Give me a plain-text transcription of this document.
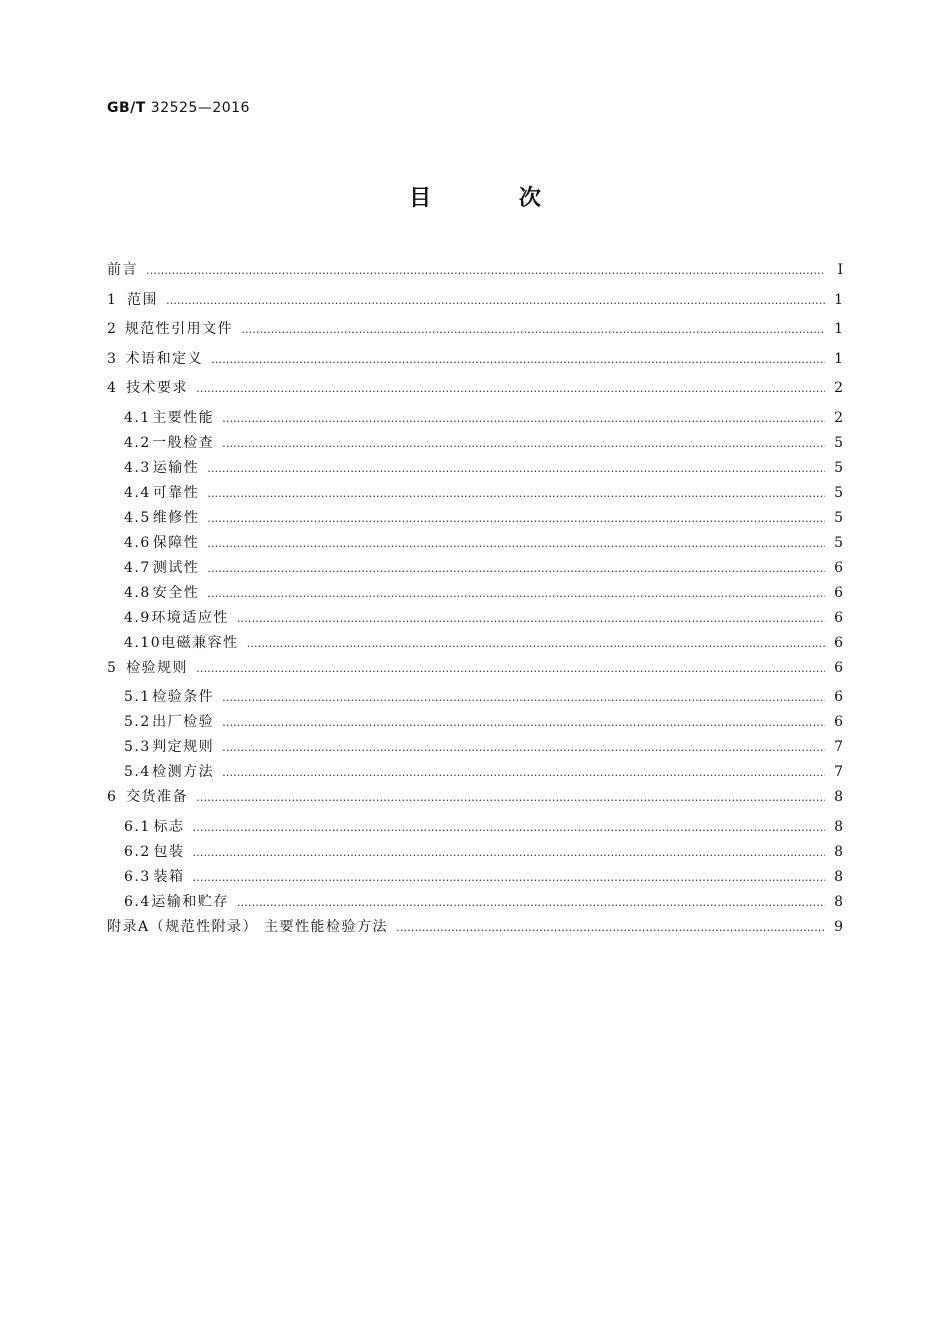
GB/T 32525—2016
目 次
前言 ………………………………………………………………………………………………………………………………………………………………………………………………………………	Ⅰ
1 范围 ………………………………………………………………………………………………………………………………………………………………………………………………………………	1
2 规范性引用文件 ………………………………………………………………………………………………………………………………………………………………………………………………………………	1
3 术语和定义 ………………………………………………………………………………………………………………………………………………………………………………………………………………	1
4 技术要求 ………………………………………………………………………………………………………………………………………………………………………………………………………………	2
4.1 主要性能 ………………………………………………………………………………………………………………………………………………………………………………………………………………	2
4.2 一般检查 ………………………………………………………………………………………………………………………………………………………………………………………………………………	5
4.3 运输性 ………………………………………………………………………………………………………………………………………………………………………………………………………………	5
4.4 可靠性 ………………………………………………………………………………………………………………………………………………………………………………………………………………	5
4.5 维修性 ………………………………………………………………………………………………………………………………………………………………………………………………………………	5
4.6 保障性 ………………………………………………………………………………………………………………………………………………………………………………………………………………	5
4.7 测试性 ………………………………………………………………………………………………………………………………………………………………………………………………………………	6
4.8 安全性 ………………………………………………………………………………………………………………………………………………………………………………………………………………	6
4.9 环境适应性 ………………………………………………………………………………………………………………………………………………………………………………………………………………	6
4.10 电磁兼容性 ………………………………………………………………………………………………………………………………………………………………………………………………………………	6
5 检验规则 ………………………………………………………………………………………………………………………………………………………………………………………………………………	6
5.1 检验条件 ………………………………………………………………………………………………………………………………………………………………………………………………………………	6
5.2 出厂检验 ………………………………………………………………………………………………………………………………………………………………………………………………………………	6
5.3 判定规则 ………………………………………………………………………………………………………………………………………………………………………………………………………………	7
5.4 检测方法 ………………………………………………………………………………………………………………………………………………………………………………………………………………	7
6 交货准备 ………………………………………………………………………………………………………………………………………………………………………………………………………………	8
6.1 标志 ………………………………………………………………………………………………………………………………………………………………………………………………………………	8
6.2 包装 ………………………………………………………………………………………………………………………………………………………………………………………………………………	8
6.3 装箱 ………………………………………………………………………………………………………………………………………………………………………………………………………………	8
6.4 运输和贮存 ………………………………………………………………………………………………………………………………………………………………………………………………………………	8
附录A（规范性附录） 主要性能检验方法 ………………………………………………………………………………………………………………………………………………………………………………………………………………	9
